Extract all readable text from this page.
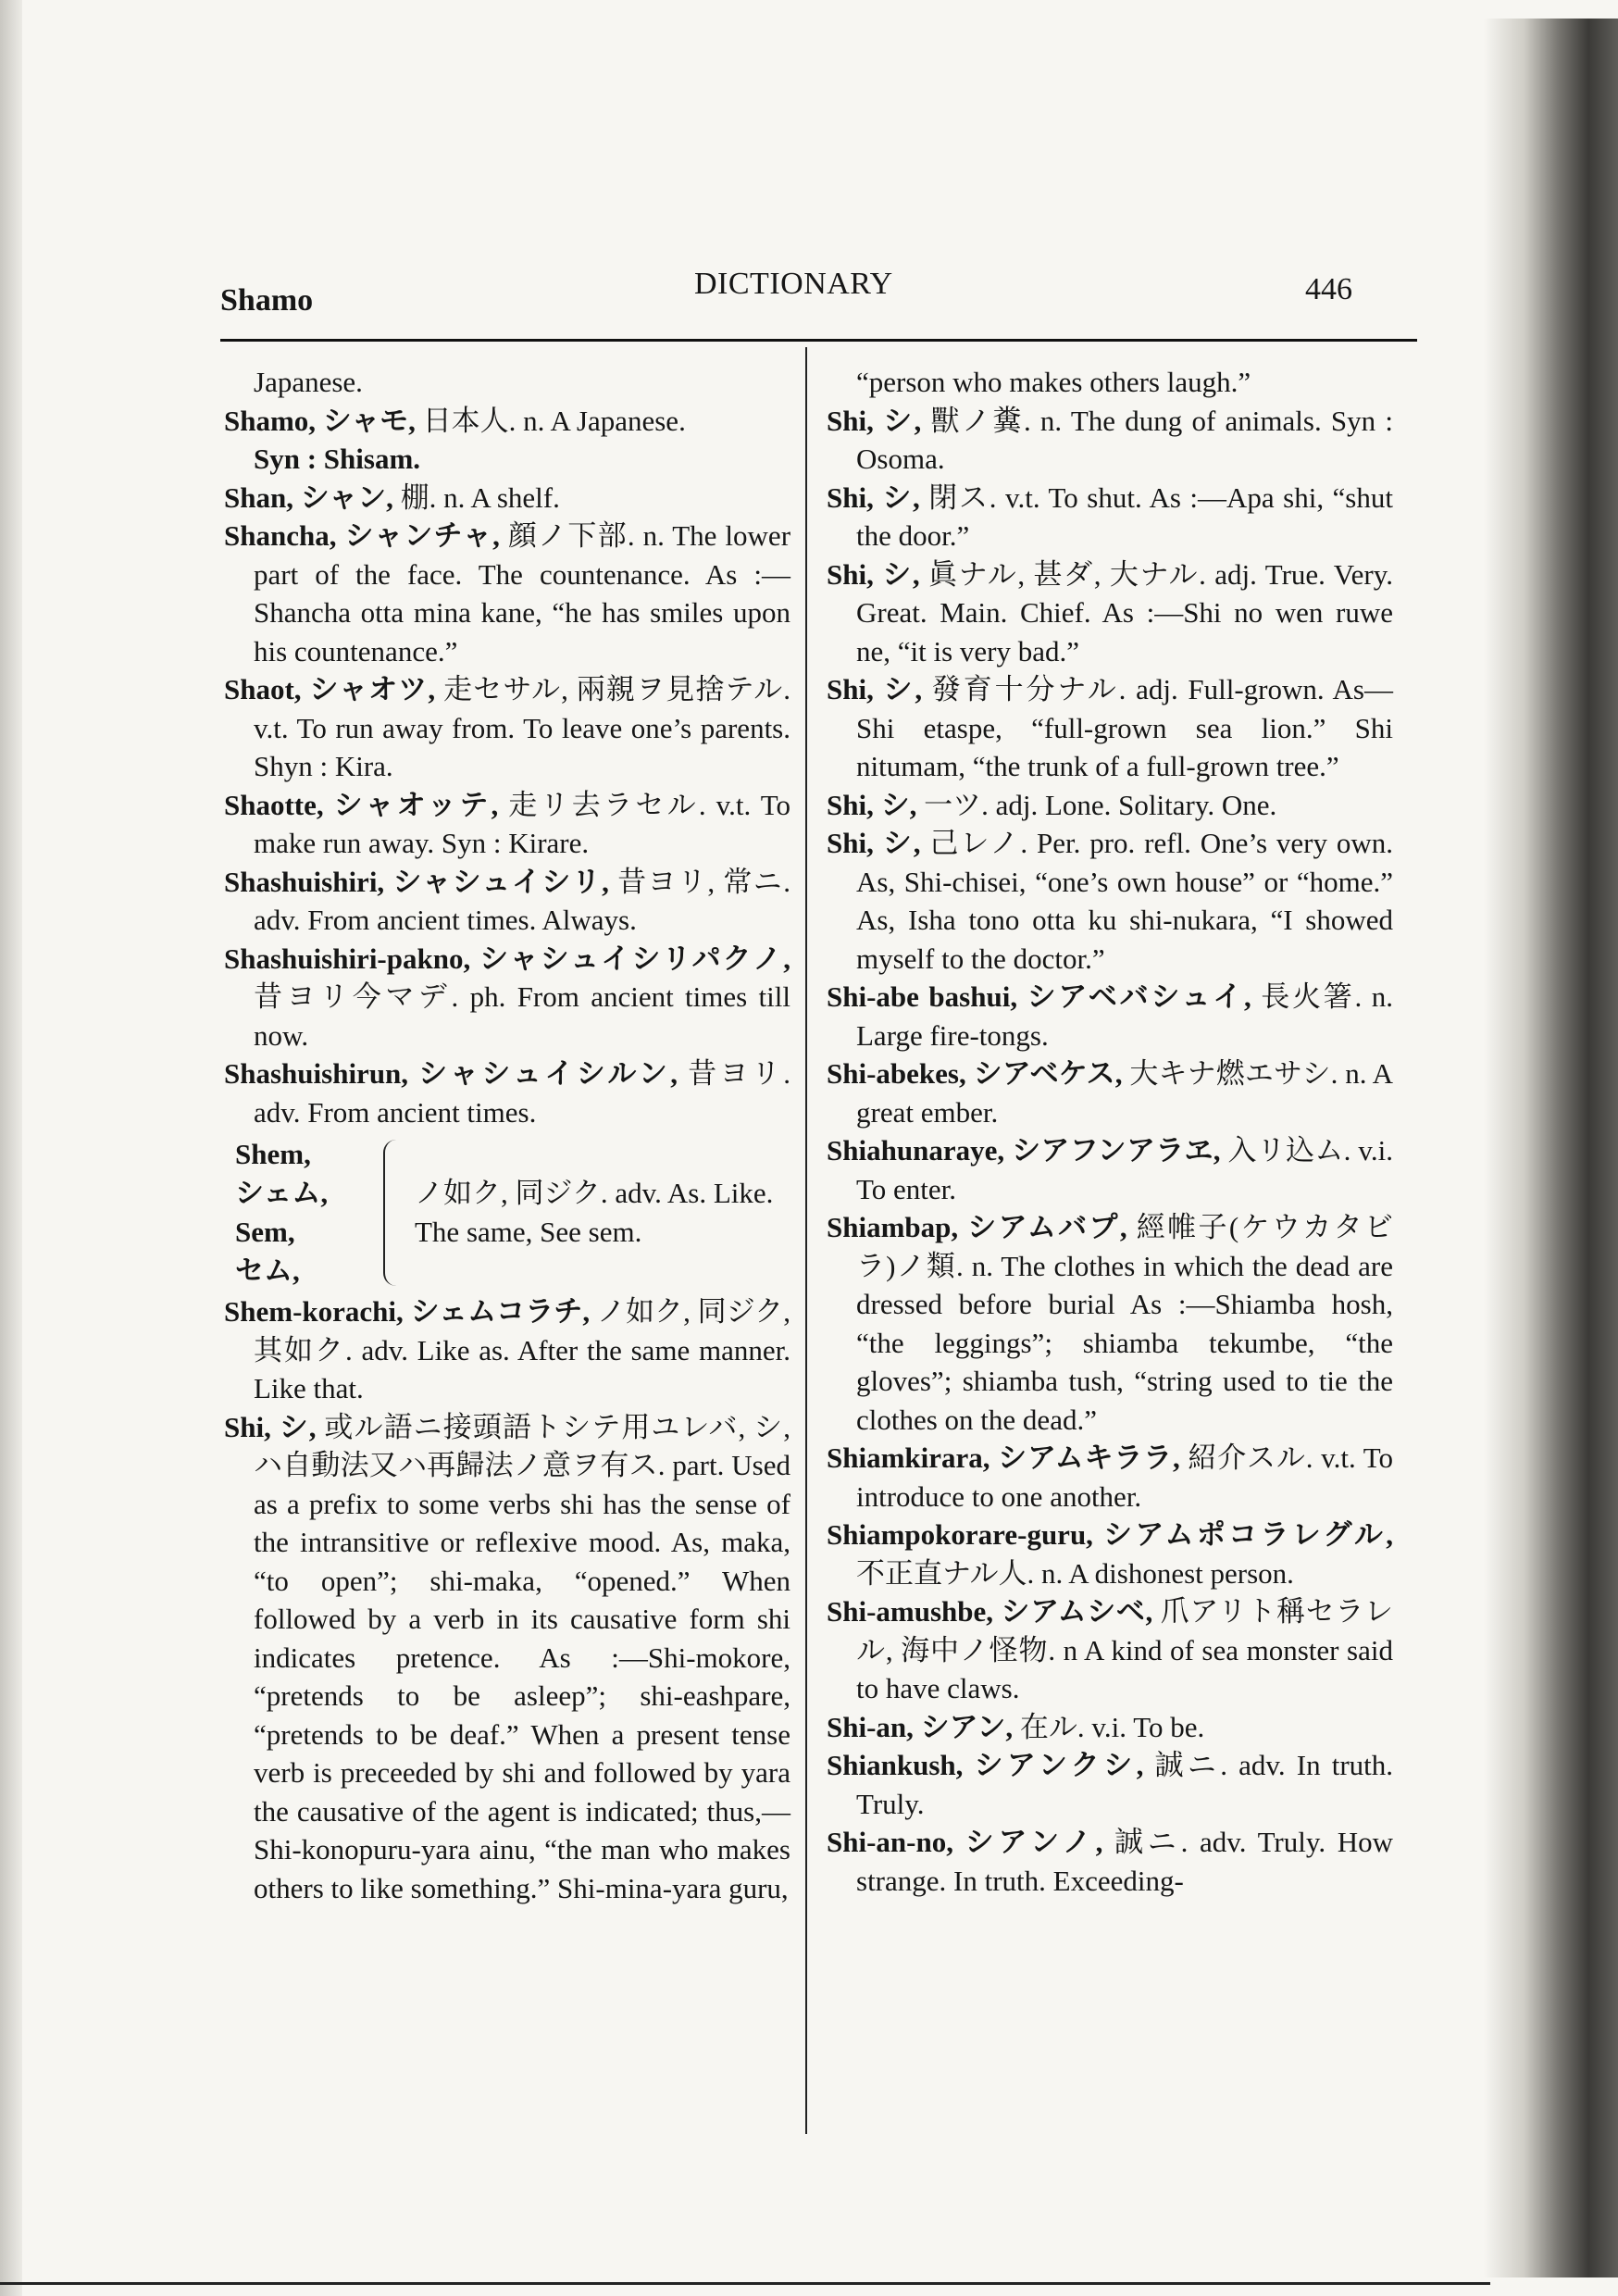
Shamo	DICTIONARY	446

Japanese.

Shamo, シャモ, 日本人. n. A Japanese.

Syn : Shisam.

Shan, シャン, 棚. n. A shelf.

Shancha, シャンチャ, 顔ノ下部. n. The lower part of the face. The countenance. As :—Shancha otta mina kane, “he has smiles upon his countenance.”

Shaot, シャオツ, 走セサル, 兩親ヲ見捨テル. v.t. To run away from. To leave one’s parents. Shyn : Kira.

Shaotte, シャオッテ, 走リ去ラセル. v.t. To make run away. Syn : Kirare.

Shashuishiri, シャシュイシリ, 昔ヨリ, 常ニ. adv. From ancient times. Always.

Shashuishiri-pakno, シャシュイシリパクノ, 昔ヨリ今マデ. ph. From ancient times till now.

Shashuishirun, シャシュイシルン, 昔ヨリ. adv. From ancient times.

Shem,
シェム,
Sem,
セム,
ノ如ク, 同ジク. adv. As. Like. The same, See sem.

Shem-korachi, シェムコラチ, ノ如ク, 同ジク, 其如ク. adv. Like as. After the same manner. Like that.

Shi, シ, 或ル語ニ接頭語トシテ用ユレバ, シ, ハ自動法又ハ再歸法ノ意ヲ有ス. part. Used as a prefix to some verbs shi has the sense of the intransitive or reflexive mood. As, maka, “to open”; shi-maka, “opened.” When followed by a verb in its causative form shi indicates pretence. As :—Shi-mokore, “pretends to be asleep”; shi-eashpare, “pretends to be deaf.” When a present tense verb is preceeded by shi and followed by yara the causative of the agent is indicated; thus,—Shi-konopuru-yara ainu, “the man who makes others to like something.” Shi-mina-yara guru,

“person who makes others laugh.”

Shi, シ, 獸ノ糞. n. The dung of animals. Syn : Osoma.

Shi, シ, 閉ス. v.t. To shut. As :—Apa shi, “shut the door.”

Shi, シ, 眞ナル, 甚ダ, 大ナル. adj. True. Very. Great. Main. Chief. As :—Shi no wen ruwe ne, “it is very bad.”

Shi, シ, 發育十分ナル. adj. Full-grown. As—Shi etaspe, “full-grown sea lion.” Shi nitumam, “the trunk of a full-grown tree.”

Shi, シ, 一ツ. adj. Lone. Solitary. One.

Shi, シ, 己レノ. Per. pro. refl. One’s very own. As, Shi-chisei, “one’s own house” or “home.” As, Isha tono otta ku shi-nukara, “I showed myself to the doctor.”

Shi-abe bashui, シアベバシュイ, 長火箸. n. Large fire-tongs.

Shi-abekes, シアベケス, 大キナ燃エサシ. n. A great ember.

Shiahunaraye, シアフンアラヱ, 入リ込ム. v.i. To enter.

Shiambap, シアムバプ, 經帷子(ケウカタビラ)ノ類. n. The clothes in which the dead are dressed before burial As :—Shiamba hosh, “the leggings”; shiamba tekumbe, “the gloves”; shiamba tush, “string used to tie the clothes on the dead.”

Shiamkirara, シアムキララ, 紹介スル. v.t. To introduce to one another.

Shiampokorare-guru, シアムポコラレグル, 不正直ナル人. n. A dishonest person.

Shi-amushbe, シアムシベ, 爪アリト稱セラレル, 海中ノ怪物. n A kind of sea monster said to have claws.

Shi-an, シアン, 在ル. v.i. To be.

Shiankush, シアンクシ, 誠ニ. adv. In truth. Truly.

Shi-an-no, シアンノ, 誠ニ. adv. Truly. How strange. In truth. Exceeding-
